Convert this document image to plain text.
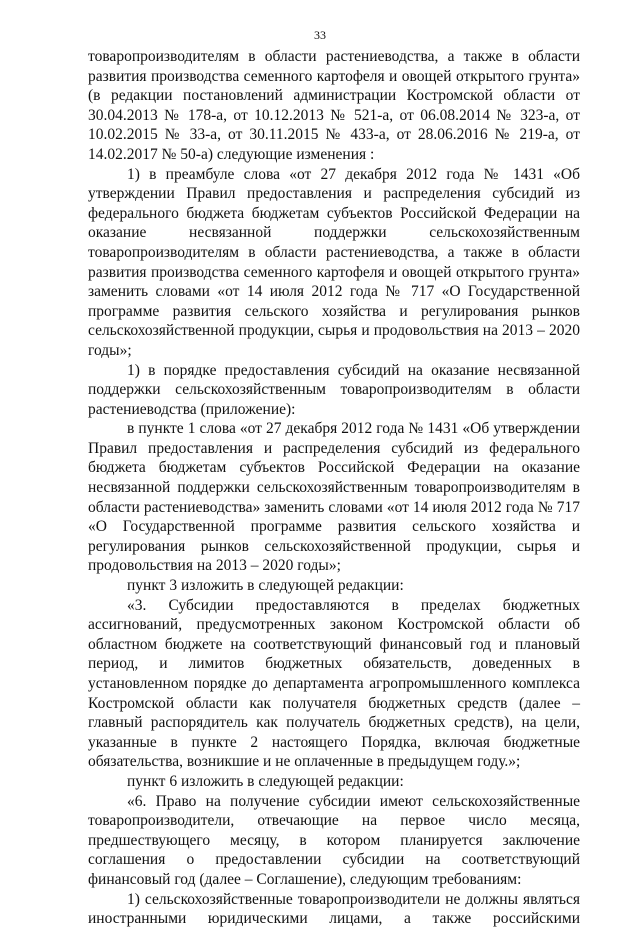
33

товаропроизводителям в области растениеводства, а также в области развития производства семенного картофеля и овощей открытого грунта» (в редакции постановлений администрации Костромской области от 30.04.2013 № 178-а, от 10.12.2013 № 521-а, от 06.08.2014 № 323-а, от 10.02.2015 № 33-а, от 30.11.2015 № 433-а, от 28.06.2016 № 219-а, от 14.02.2017 № 50-а) следующие изменения :

1) в преамбуле слова «от 27 декабря 2012 года № 1431 «Об утверждении Правил предоставления и распределения субсидий из федерального бюджета бюджетам субъектов Российской Федерации на оказание несвязанной поддержки сельскохозяйственным товаропроизводителям в области растениеводства, а также в области развития производства семенного картофеля и овощей открытого грунта» заменить словами «от 14 июля 2012 года № 717 «О Государственной программе развития сельского хозяйства и регулирования рынков сельскохозяйственной продукции, сырья и продовольствия на 2013 – 2020 годы»;

1) в порядке предоставления субсидий на оказание несвязанной поддержки сельскохозяйственным товаропроизводителям в области растениеводства (приложение):

в пункте 1 слова «от 27 декабря 2012 года № 1431 «Об утверждении Правил предоставления и распределения субсидий из федерального бюджета бюджетам субъектов Российской Федерации на оказание несвязанной поддержки сельскохозяйственным товаропроизводителям в области растениеводства» заменить словами «от 14 июля 2012 года № 717 «О Государственной программе развития сельского хозяйства и регулирования рынков сельскохозяйственной продукции, сырья и продовольствия на 2013 – 2020 годы»;

пункт 3 изложить в следующей редакции:

«3. Субсидии предоставляются в пределах бюджетных ассигнований, предусмотренных законом Костромской области об областном бюджете на соответствующий финансовый год и плановый период, и лимитов бюджетных обязательств, доведенных в установленном порядке до департамента агропромышленного комплекса Костромской области как получателя бюджетных средств (далее – главный распорядитель как получатель бюджетных средств), на цели, указанные в пункте 2 настоящего Порядка, включая бюджетные обязательства, возникшие и не оплаченные в предыдущем году.»;

пункт 6 изложить в следующей редакции:

«6. Право на получение субсидии имеют сельскохозяйственные товаропроизводители, отвечающие на первое число месяца, предшествующего месяцу, в котором планируется заключение соглашения о предоставлении субсидии на соответствующий финансовый год (далее – Соглашение), следующим требованиям:

1) сельскохозяйственные товаропроизводители не должны являться иностранными юридическими лицами, а также российскими
